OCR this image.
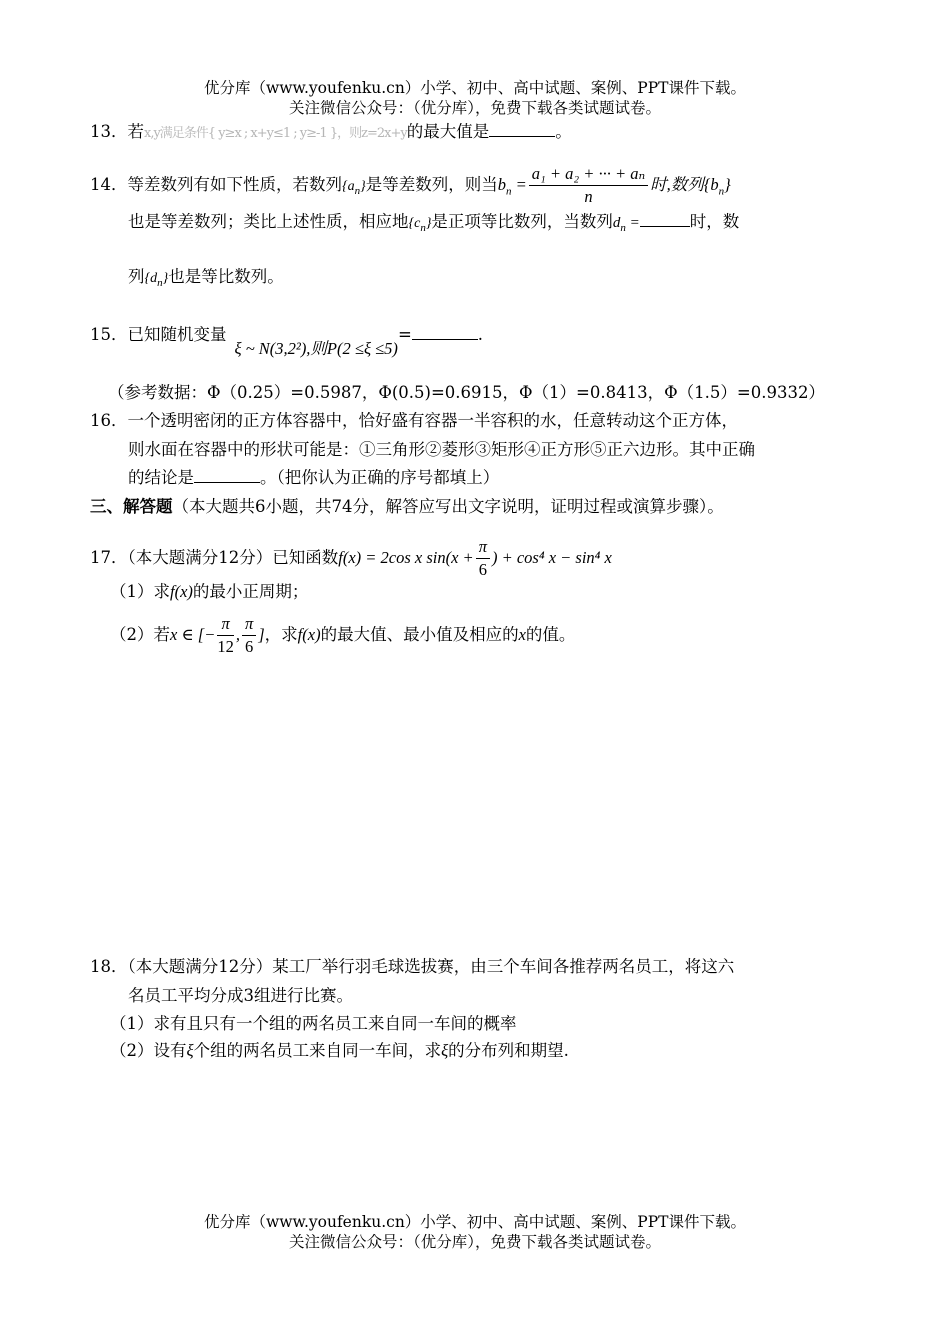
优分库（www.youfenku.cn）小学、初中、高中试题、案例、PPT课件下载。
关注微信公众号：（优分库），免费下载各类试题试卷。
13．若x,y满足条件{ y≥x ; x+y≤1 ; y≥-1 }，则z=2x+y的最大值是	。
14．等差数列有如下性质，若数列$\{a_n\}$是等差数列，则当$b_n = \frac{\text{a₁ + a₂ + ··· + aₙ}}{n}$ 时,数列$\{b_n\}$
也是等差数列；类比上述性质，相应地$\{c_n\}$是正项等比数列，当数列$d_n$ =	时，数
列$\{d_n\}$也是等比数列。
15．已知随机变量ξ ~ N(3,2²),则P(2 ≤ξ ≤5)=	.
（参考数据：Φ（0.25）=0.5987，Φ(0.5)=0.6915，Φ（1）=0.8413，Φ（1.5）=0.9332）
16．一个透明密闭的正方体容器中，恰好盛有容器一半容积的水，任意转动这个正方体，
则水面在容器中的形状可能是：①三角形②菱形③矩形④正方形⑤正六边形。其中正确
的结论是	。（把你认为正确的序号都填上）
三、解答题（本大题共6小题，共74分，解答应写出文字说明，证明过程或演算步骤）。
17．（本大题满分12分）已知函数f(x) = 2cos x $\sin(x + \frac{\pi}{6}$ ) + cos⁴ x − sin⁴ x
（1）求f(x)的最小正周期；
（2）若x ∈ [− $\frac{\pi}{12}$ , $\frac{\pi}{6}$ ]，求f(x)的最大值、最小值及相应的x的值。
18．（本大题满分12分）某工厂举行羽毛球选拔赛，由三个车间各推荐两名员工，将这六
名员工平均分成3组进行比赛。
（1）求有且只有一个组的两名员工来自同一车间的概率
（2）设有ξ个组的两名员工来自同一车间，求ξ的分布列和期望.
优分库（www.youfenku.cn）小学、初中、高中试题、案例、PPT课件下载。
关注微信公众号：（优分库），免费下载各类试题试卷。
